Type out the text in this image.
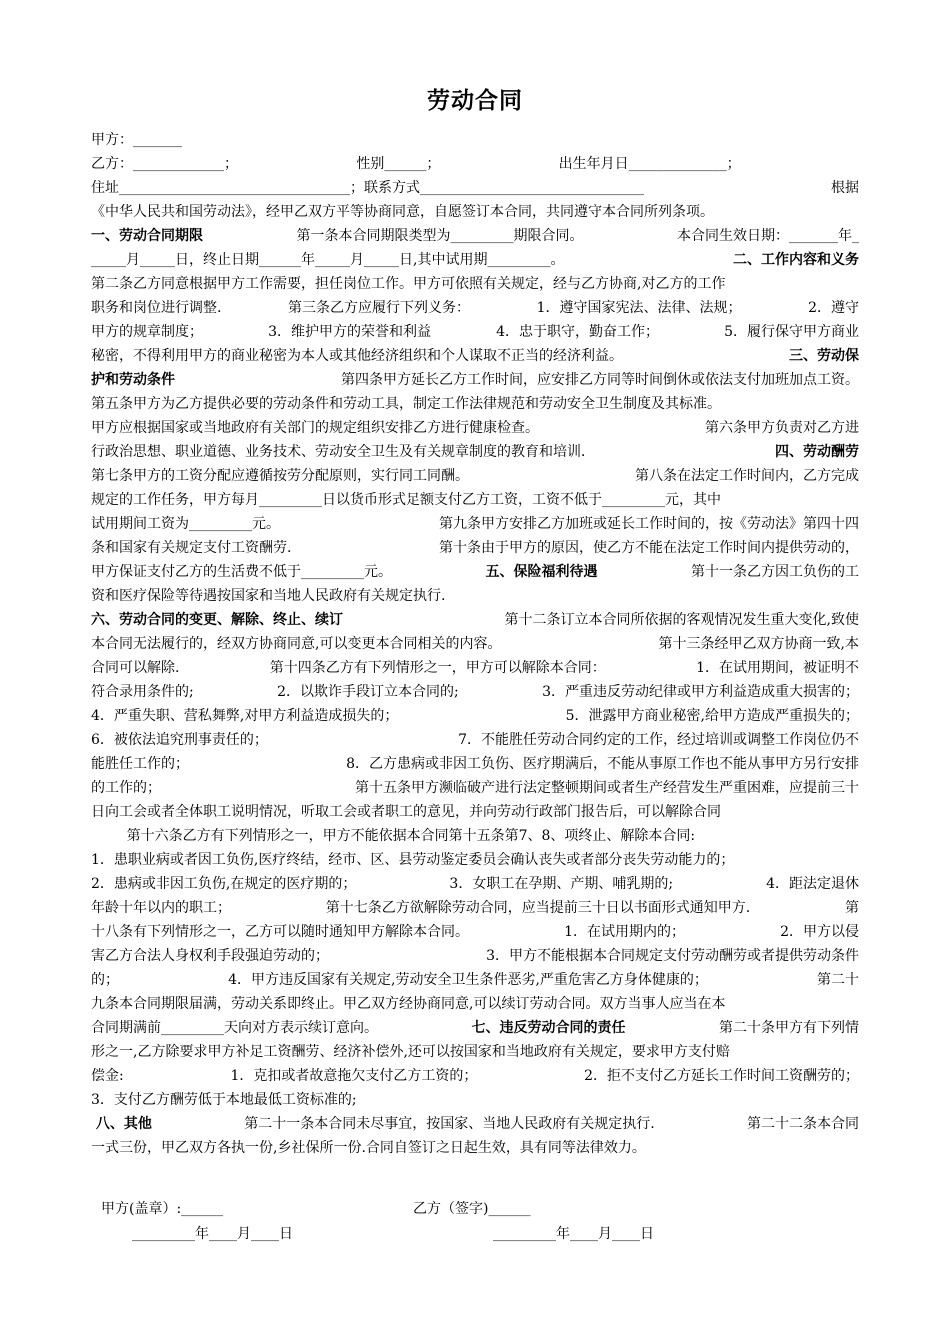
劳动合同
甲方：_______
乙方：_____________；	性别______；	出生年月日______________；
住址_________________________________；联系方式________________________________	根据
《中华人民共和国劳动法》，经甲乙双方平等协商同意，自愿签订本合同，共同遵守本合同所列条项。
一、劳动合同期限	第一条本合同期限类型为_________期限合同。	本合同生效日期：_______年_
_____月_____日，终止日期______年_____月_____日,其中试用期_________。	二、工作内容和义务
第二条乙方同意根据甲方工作需要，担任岗位工作。甲方可依照有关规定，经与乙方协商,对乙方的工作
职务和岗位进行调整.	第三条乙方应履行下列义务：	1．遵守国家宪法、法律、法规；	2．遵守
甲方的规章制度；	3．维护甲方的荣誉和利益	4．忠于职守，勤奋工作；	5．履行保守甲方商业
秘密，不得利用甲方的商业秘密为本人或其他经济组织和个人谋取不正当的经济利益。	三、劳动保
护和劳动条件	第四条甲方延长乙方工作时间，应安排乙方同等时间倒休或依法支付加班加点工资。
第五条甲方为乙方提供必要的劳动条件和劳动工具，制定工作法律规范和劳动安全卫生制度及其标准。
甲方应根据国家或当地政府有关部门的规定组织安排乙方进行健康检查。	第六条甲方负责对乙方进
行政治思想、职业道德、业务技术、劳动安全卫生及有关规章制度的教育和培训．	四、劳动酬劳
第七条甲方的工资分配应遵循按劳分配原则，实行同工同酬。	第八条在法定工作时间内，乙方完成
规定的工作任务，甲方每月_________日以货币形式足额支付乙方工资，工资不低于_________元，其中
试用期间工资为_________元。	第九条甲方安排乙方加班或延长工作时间的，按《劳动法》第四十四
条和国家有关规定支付工资酬劳.	第十条由于甲方的原因，使乙方不能在法定工作时间内提供劳动的，
甲方保证支付乙方的生活费不低于_________元。	五、保险福利待遇	第十一条乙方因工负伤的工
资和医疗保险等待遇按国家和当地人民政府有关规定执行.
六、劳动合同的变更、解除、终止、续订	第十二条订立本合同所依据的客观情况发生重大变化,致使
本合同无法履行的，经双方协商同意,可以变更本合同相关的内容。	第十三条经甲乙双方协商一致,本
合同可以解除.	第十四条乙方有下列情形之一，甲方可以解除本合同：	1．在试用期间，被证明不
符合录用条件的;	2．以欺诈手段订立本合同的;	3．严重违反劳动纪律或甲方利益造成重大损害的；
4．严重失职、营私舞弊,对甲方利益造成损失的；	5．泄露甲方商业秘密,给甲方造成严重损失的；
6．被依法追究刑事责任的；	7．不能胜任劳动合同约定的工作，经过培训或调整工作岗位仍不
能胜任工作的；	8．乙方患病或非因工负伤、医疗期满后，不能从事原工作也不能从事甲方另行安排
的工作的；	第十五条甲方濒临破产进行法定整顿期间或者生产经营发生严重困难，应提前三十
日向工会或者全体职工说明情况，听取工会或者职工的意见，并向劳动行政部门报告后，可以解除合同
第十六条乙方有下列情形之一，甲方不能依据本合同第十五条第7、8、项终止、解除本合同:
1．患职业病或者因工负伤,医疗终结，经市、区、县劳动鉴定委员会确认丧失或者部分丧失劳动能力的；
2．患病或非因工负伤,在规定的医疗期的；	3．女职工在孕期、产期、哺乳期的;	4．距法定退休
年龄十年以内的职工；	第十七条乙方欲解除劳动合同，应当提前三十日以书面形式通知甲方.	第
十八条有下列情形之一，乙方可以随时通知甲方解除本合同。	1．在试用期内的；	2．甲方以侵
害乙方合法人身权利手段强迫劳动的；	3．甲方不能根据本合同规定支付劳动酬劳或者提供劳动条件
的；	4．甲方违反国家有关规定,劳动安全卫生条件恶劣,严重危害乙方身体健康的；	第二十
九条本合同期限届满，劳动关系即终止。甲乙双方经协商同意,可以续订劳动合同。双方当事人应当在本
合同期满前_________天向对方表示续订意向。	七、违反劳动合同的责任	第二十条甲方有下列情
形之一,乙方除要求甲方补足工资酬劳、经济补偿外,还可以按国家和当地政府有关规定，要求甲方支付赔
偿金:	1．克扣或者故意拖欠支付乙方工资的；	2．拒不支付乙方延长工作时间工资酬劳的；
3．支付乙方酬劳低于本地最低工资标准的;
八、其他	第二十一条本合同未尽事宜，按国家、当地人民政府有关规定执行.	第二十二条本合同
一式三份，甲乙双方各执一份,乡社保所一份.合同自签订之日起生效，具有同等法律效力。
甲方(盖章）:______	乙方（签字)______
_________年____月____日	_________年____月____日
